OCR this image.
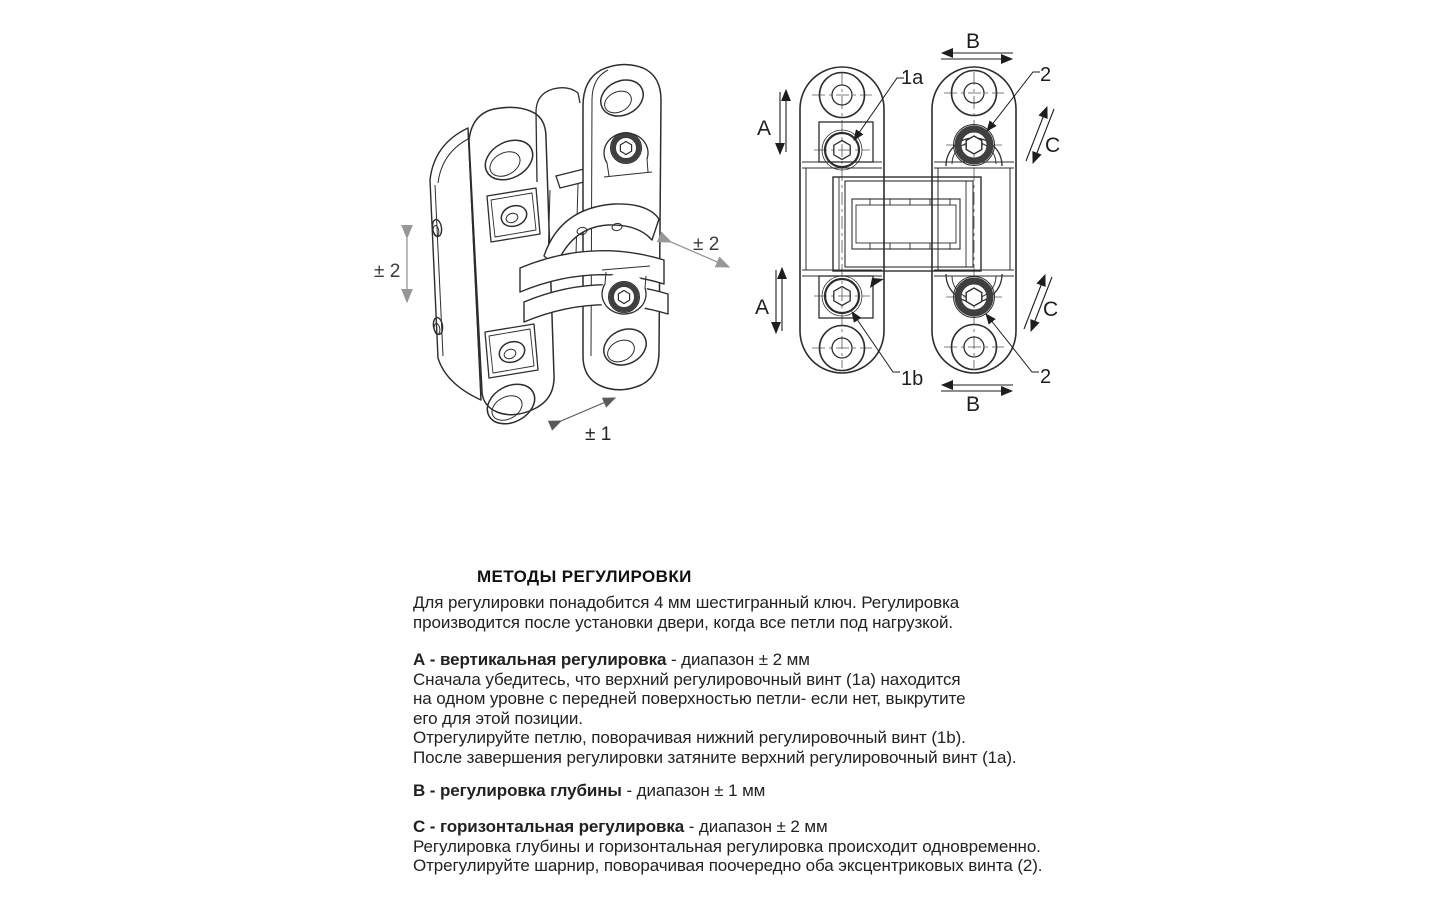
± 2
± 2
± 1
A
A
B
B
C
C
1a	2
1b	2
МЕТОДЫ РЕГУЛИРОВКИ

Для регулировки понадобится 4 мм шестигранный ключ. Регулировка

производится после установки двери, когда все петли под нагрузкой.

А - вертикальная регулировка - диапазон ± 2 мм

Сначала убедитесь, что верхний регулировочный винт (1а) находится

на одном уровне с передней поверхностью петли- если нет, выкрутите

его для этой позиции.

Отрегулируйте петлю, поворачивая нижний регулировочный винт (1b).

После завершения регулировки затяните верхний регулировочный винт (1а).

В - регулировка глубины - диапазон ± 1 мм

С - горизонтальная регулировка - диапазон ± 2 мм

Регулировка глубины и горизонтальная регулировка происходит одновременно.

Отрегулируйте шарнир, поворачивая поочередно оба эксцентриковых винта (2).
